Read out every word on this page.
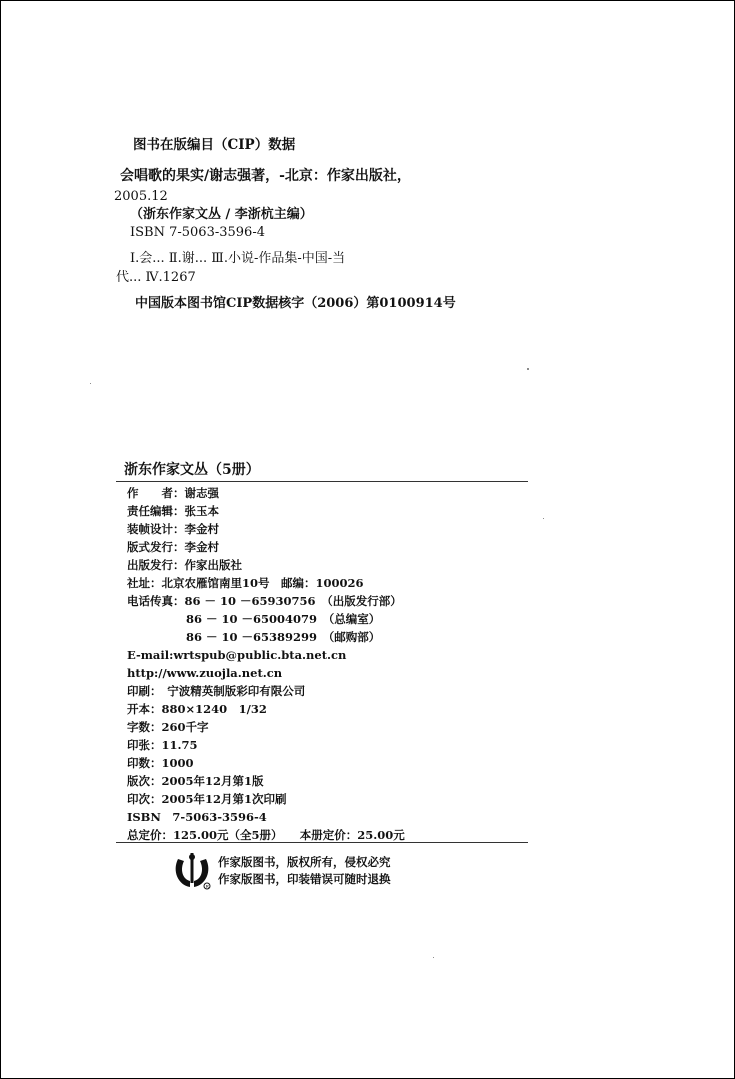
图书在版编目（CIP）数据
会唱歌的果实/谢志强著，-北京：作家出版社，
2005.12
（浙东作家文丛 / 李浙杭主编）
ISBN 7-5063-3596-4
Ⅰ.会... Ⅱ.谢... Ⅲ.小说-作品集-中国-当
代... Ⅳ.1267
中国版本图书馆CIP数据核字（2006）第0100914号
浙东作家文丛（5册）
作　　者：谢志强
责任编辑：张玉本
装帧设计：李金村
版式发行：李金村
出版发行：作家出版社
社址：北京农雁馆南里10号　邮编：100026
电话传真：86 － 10 －65930756　（出版发行部）
86 － 10 －65004079　（总编室）
86 － 10 －65389299　（邮购部）
E-mail:wrtspub@public.bta.net.cn
http://www.zuojla.net.cn
印刷：　宁波精英制版彩印有限公司
开本：880×1240　1/32
字数：260千字
印张：11.75
印数：1000
版次：2005年12月第1版
印次：2005年12月第1次印刷
ISBN　7-5063-3596-4
总定价：125.00元（全5册）　　本册定价：25.00元
R
作家版图书，版权所有，侵权必究
作家版图书，印装错误可随时退换
